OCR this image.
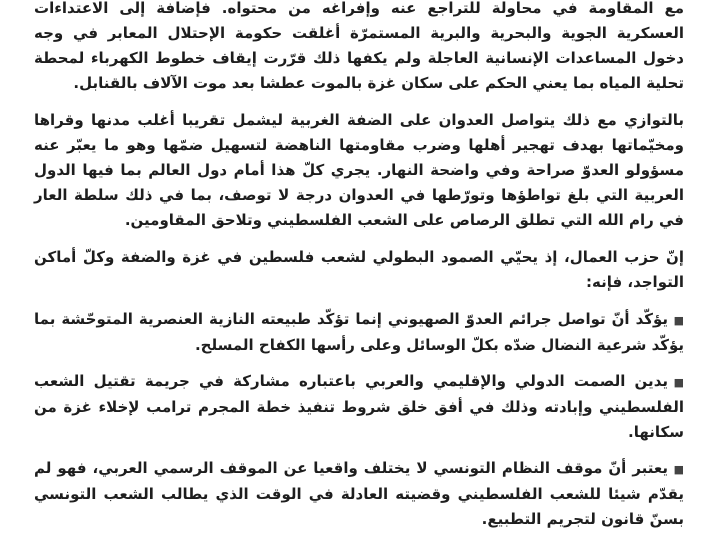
مع المقاومة في محاولة للتراجع عنه وإفراغه من محتواه. فإضافة إلى الاعتداءات العسكرية الجوية والبحرية والبرية المستمرّة أغلقت حكومة الإحتلال المعابر في وجه دخول المساعدات الإنسانية العاجلة ولم يكفها ذلك قرّرت إيقاف خطوط الكهرباء لمحطة تحلية المياه بما يعني الحكم على سكان غزة بالموت عطشا بعد موت الآلاف بالقنابل.

بالتوازي مع ذلك يتواصل العدوان على الضفة الغربية ليشمل تقريبا أغلب مدنها وقراها ومخيّماتها بهدف تهجير أهلها وضرب مقاومتها الناهضة لتسهيل ضمّها وهو ما يعبّر عنه مسؤولو العدوّ صراحة وفي واضحة النهار. يجري كلّ هذا أمام دول العالم بما فيها الدول العربية التي بلغ تواطؤها وتورّطها في العدوان درجة لا توصف، بما في ذلك سلطة العار في رام الله التي تطلق الرصاص على الشعب الفلسطيني وتلاحق المقاومين.

إنّ حزب العمال، إذ يحيّي الصمود البطولي لشعب فلسطين في غزة والضفة وكلّ أماكن التواجد، فإنه:

■يؤكّد أنّ تواصل جرائم العدوّ الصهيوني إنما تؤكّد طبيعته النازية العنصرية المتوحّشة بما يؤكّد شرعية النضال ضدّه بكلّ الوسائل وعلى رأسها الكفاح المسلح.

■يدين الصمت الدولي والإقليمي والعربي باعتباره مشاركة في جريمة تقتيل الشعب الفلسطيني وإبادته وذلك في أفق خلق شروط تنفيذ خطة المجرم ترامب لإخلاء غزة من سكانها.

■يعتبر أنّ موقف النظام التونسي لا يختلف واقعيا عن الموقف الرسمي العربي، فهو لم يقدّم شيئا للشعب الفلسطيني وقضيته العادلة في الوقت الذي يطالب الشعب التونسي بسنّ قانون لتجريم التطبيع.
